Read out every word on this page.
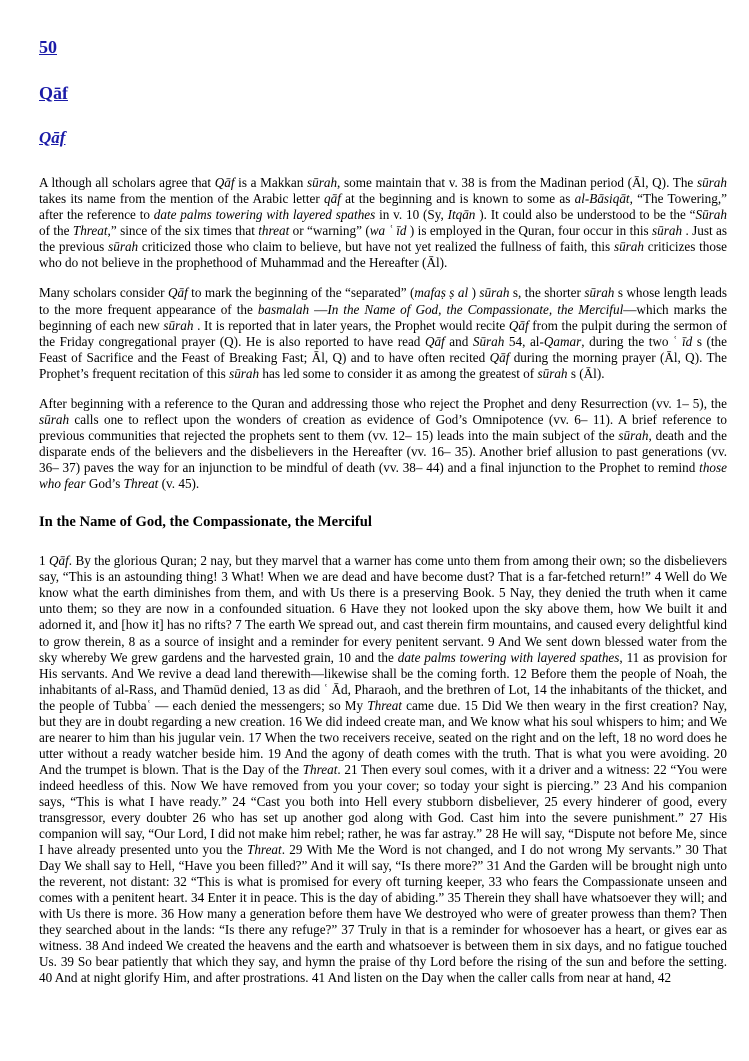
50
Qāf
Qāf

A lthough all scholars agree that Qāf is a Makkan sūrah, some maintain that v. 38 is from the Madinan period (Āl, Q). The sūrah takes its name from the mention of the Arabic letter qāf at the beginning and is known to some as al-Bāsiqāt, “The Towering,” after the reference to date palms towering with layered spathes in v. 10 (Sy, Itqān ). It could also be understood to be the “Sūrah of the Threat,” since of the six times that threat or “warning” (wa ʿ īd ) is employed in the Quran, four occur in this sūrah . Just as the previous sūrah criticized those who claim to believe, but have not yet realized the fullness of faith, this sūrah criticizes those who do not believe in the prophethood of Muhammad and the Hereafter (Āl).

Many scholars consider Qāf to mark the beginning of the “separated” (mafaṣ ṣ al ) sūrah s, the shorter sūrah s whose length leads to the more frequent appearance of the basmalah —In the Name of God, the Compassionate, the Merciful—which marks the beginning of each new sūrah . It is reported that in later years, the Prophet would recite Qāf from the pulpit during the sermon of the Friday congregational prayer (Q). He is also reported to have read Qāf and Sūrah 54, al-Qamar, during the two ʿ īd s (the Feast of Sacrifice and the Feast of Breaking Fast; Āl, Q) and to have often recited Qāf during the morning prayer (Āl, Q). The Prophet’s frequent recitation of this sūrah has led some to consider it as among the greatest of sūrah s (Āl).

After beginning with a reference to the Quran and addressing those who reject the Prophet and deny Resurrection (vv. 1– 5), the sūrah calls one to reflect upon the wonders of creation as evidence of God’s Omnipotence (vv. 6– 11). A brief reference to previous communities that rejected the prophets sent to them (vv. 12– 15) leads into the main subject of the sūrah, death and the disparate ends of the believers and the disbelievers in the Hereafter (vv. 16– 35). Another brief allusion to past generations (vv. 36– 37) paves the way for an injunction to be mindful of death (vv. 38– 44) and a final injunction to the Prophet to remind those who fear God’s Threat (v. 45).

In the Name of God, the Compassionate, the Merciful

1 Qāf. By the glorious Quran; 2 nay, but they marvel that a warner has come unto them from among their own; so the disbelievers say, “This is an astounding thing! 3 What! When we are dead and have become dust? That is a far-fetched return!” 4 Well do We know what the earth diminishes from them, and with Us there is a preserving Book. 5 Nay, they denied the truth when it came unto them; so they are now in a confounded situation. 6 Have they not looked upon the sky above them, how We built it and adorned it, and [how it] has no rifts? 7 The earth We spread out, and cast therein firm mountains, and caused every delightful kind to grow therein, 8 as a source of insight and a reminder for every penitent servant. 9 And We sent down blessed water from the sky whereby We grew gardens and the harvested grain, 10 and the date palms towering with layered spathes, 11 as provision for His servants. And We revive a dead land therewith—likewise shall be the coming forth. 12 Before them the people of Noah, the inhabitants of al-Rass, and Thamūd denied, 13 as did ʿ Ād, Pharaoh, and the brethren of Lot, 14 the inhabitants of the thicket, and the people of Tubbaʿ — each denied the messengers; so My Threat came due. 15 Did We then weary in the first creation? Nay, but they are in doubt regarding a new creation. 16 We did indeed create man, and We know what his soul whispers to him; and We are nearer to him than his jugular vein. 17 When the two receivers receive, seated on the right and on the left, 18 no word does he utter without a ready watcher beside him. 19 And the agony of death comes with the truth. That is what you were avoiding. 20 And the trumpet is blown. That is the Day of the Threat. 21 Then every soul comes, with it a driver and a witness: 22 “You were indeed heedless of this. Now We have removed from you your cover; so today your sight is piercing.” 23 And his companion says, “This is what I have ready.” 24 “Cast you both into Hell every stubborn disbeliever, 25 every hinderer of good, every transgressor, every doubter 26 who has set up another god along with God. Cast him into the severe punishment.” 27 His companion will say, “Our Lord, I did not make him rebel; rather, he was far astray.” 28 He will say, “Dispute not before Me, since I have already presented unto you the Threat. 29 With Me the Word is not changed, and I do not wrong My servants.” 30 That Day We shall say to Hell, “Have you been filled?” And it will say, “Is there more?” 31 And the Garden will be brought nigh unto the reverent, not distant: 32 “This is what is promised for every oft turning keeper, 33 who fears the Compassionate unseen and comes with a penitent heart. 34 Enter it in peace. This is the day of abiding.” 35 Therein they shall have whatsoever they will; and with Us there is more. 36 How many a generation before them have We destroyed who were of greater prowess than them? Then they searched about in the lands: “Is there any refuge?” 37 Truly in that is a reminder for whosoever has a heart, or gives ear as witness. 38 And indeed We created the heavens and the earth and whatsoever is between them in six days, and no fatigue touched Us. 39 So bear patiently that which they say, and hymn the praise of thy Lord before the rising of the sun and before the setting. 40 And at night glorify Him, and after prostrations. 41 And listen on the Day when the caller calls from near at hand, 42
